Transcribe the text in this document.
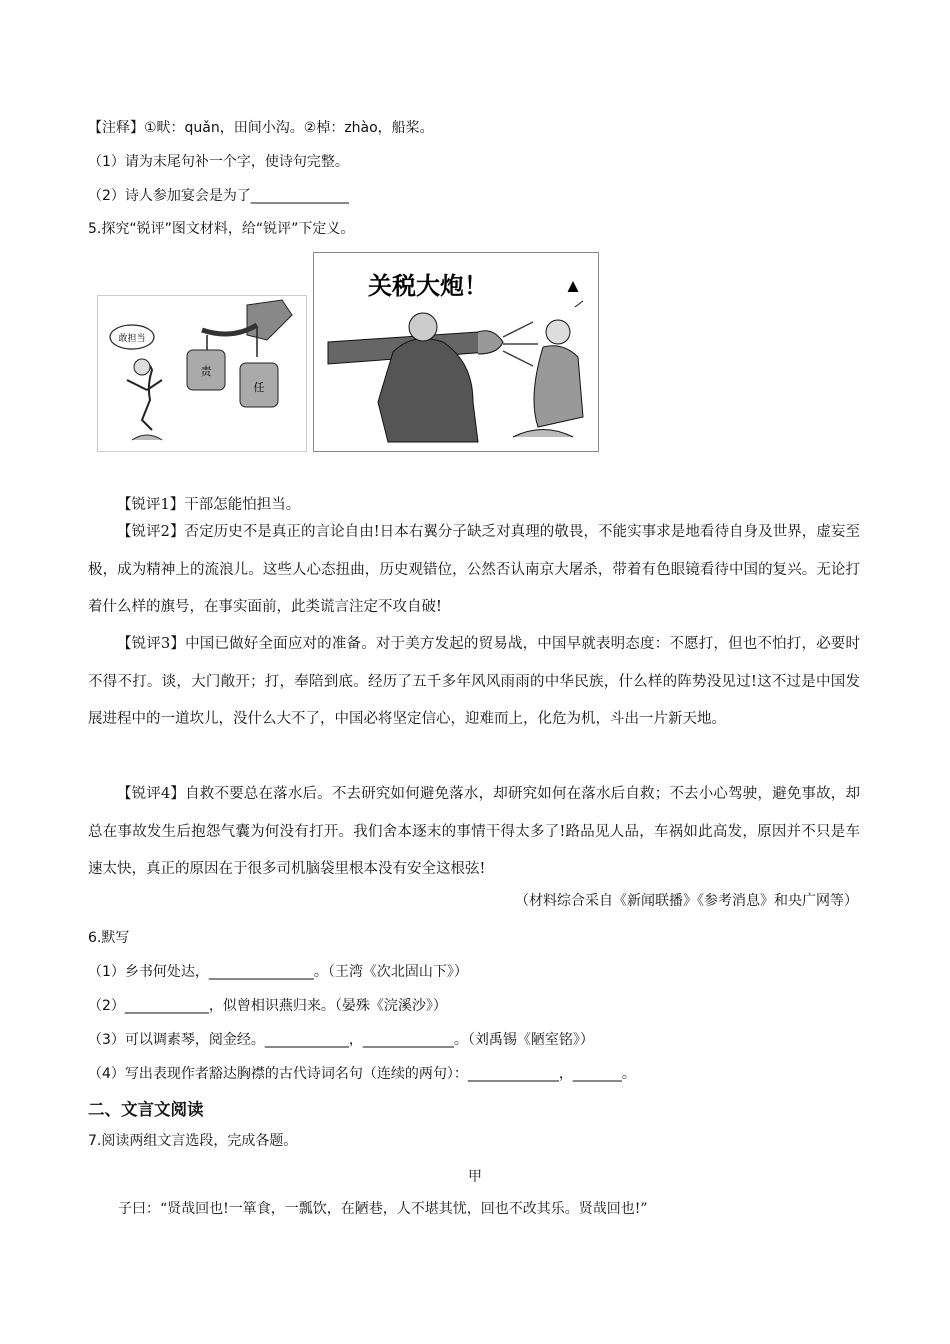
【注释】①畎：quǎn，田间小沟。②棹：zhào，船桨。
（1）请为末尾句补一个字，使诗句完整。
（2）诗人参加宴会是为了______________
5.探究“锐评”图文材料，给“锐评”下定义。
敢担当
责
任
关税大炮！
【锐评1】干部怎能怕担当。
【锐评2】否定历史不是真正的言论自由!日本右翼分子缺乏对真理的敬畏，不能实事求是地看待自身及世界，虚妄至极，成为精神上的流浪儿。这些人心态扭曲，历史观错位，公然否认南京大屠杀，带着有色眼镜看待中国的复兴。无论打着什么样的旗号，在事实面前，此类谎言注定不攻自破!
【锐评3】中国已做好全面应对的准备。对于美方发起的贸易战，中国早就表明态度：不愿打，但也不怕打，必要时不得不打。谈，大门敞开；打，奉陪到底。经历了五千多年风风雨雨的中华民族，什么样的阵势没见过!这不过是中国发展进程中的一道坎儿，没什么大不了，中国必将坚定信心，迎难而上，化危为机，斗出一片新天地。
【锐评4】自救不要总在落水后。不去研究如何避免落水，却研究如何在落水后自救；不去小心驾驶，避免事故，却总在事故发生后抱怨气囊为何没有打开。我们舍本逐末的事情干得太多了!路品见人品，车祸如此高发，原因并不只是车速太快，真正的原因在于很多司机脑袋里根本没有安全这根弦!
（材料综合采自《新闻联播》《参考消息》和央广网等）
6.默写
（1）乡书何处达，_______________。（王湾《次北固山下》）
（2）____________，似曾相识燕归来。（晏殊《浣溪沙》）
（3）可以调素琴，阅金经。____________，_____________。（刘禹锡《陋室铭》）
（4）写出表现作者豁达胸襟的古代诗词名句（连续的两句）：_____________，_______。
二、文言文阅读
7.阅读两组文言选段，完成各题。
甲
子曰：“贤哉回也!一箪食，一瓢饮，在陋巷，人不堪其忧，回也不改其乐。贤哉回也!”
